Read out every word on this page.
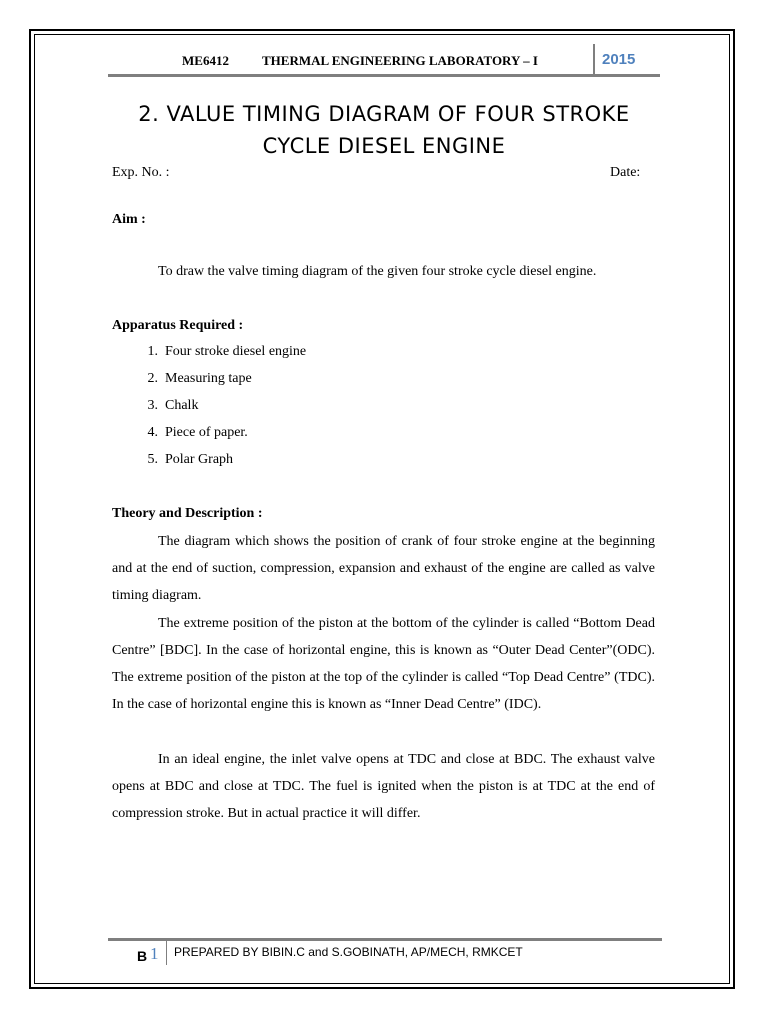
ME6412	THERMAL ENGINEERING LABORATORY – I	2015
2. VALUE TIMING DIAGRAM OF FOUR STROKE
CYCLE DIESEL ENGINE
Exp. No. :	Date:
Aim :
To draw the valve timing diagram of the given four stroke cycle diesel engine.
Apparatus Required :
1. Four stroke diesel engine
2. Measuring tape
3. Chalk
4. Piece of paper.
5. Polar Graph
Theory and Description :
The diagram which shows the position of crank of four stroke engine at the beginning and at the end of suction, compression, expansion and exhaust of the engine are called as valve timing diagram.
The extreme position of the piston at the bottom of the cylinder is called “Bottom Dead Centre” [BDC]. In the case of horizontal engine, this is known as “Outer Dead Center”(ODC). The extreme position of the piston at the top of the cylinder is called “Top Dead Centre” (TDC). In the case of horizontal engine this is known as “Inner Dead Centre” (IDC).
In an ideal engine, the inlet valve opens at TDC and close at BDC. The exhaust valve opens at BDC and close at TDC. The fuel is ignited when the piston is at TDC at the end of compression stroke. But in actual practice it will differ.
B 1 PREPARED BY BIBIN.C and S.GOBINATH, AP/MECH, RMKCET
